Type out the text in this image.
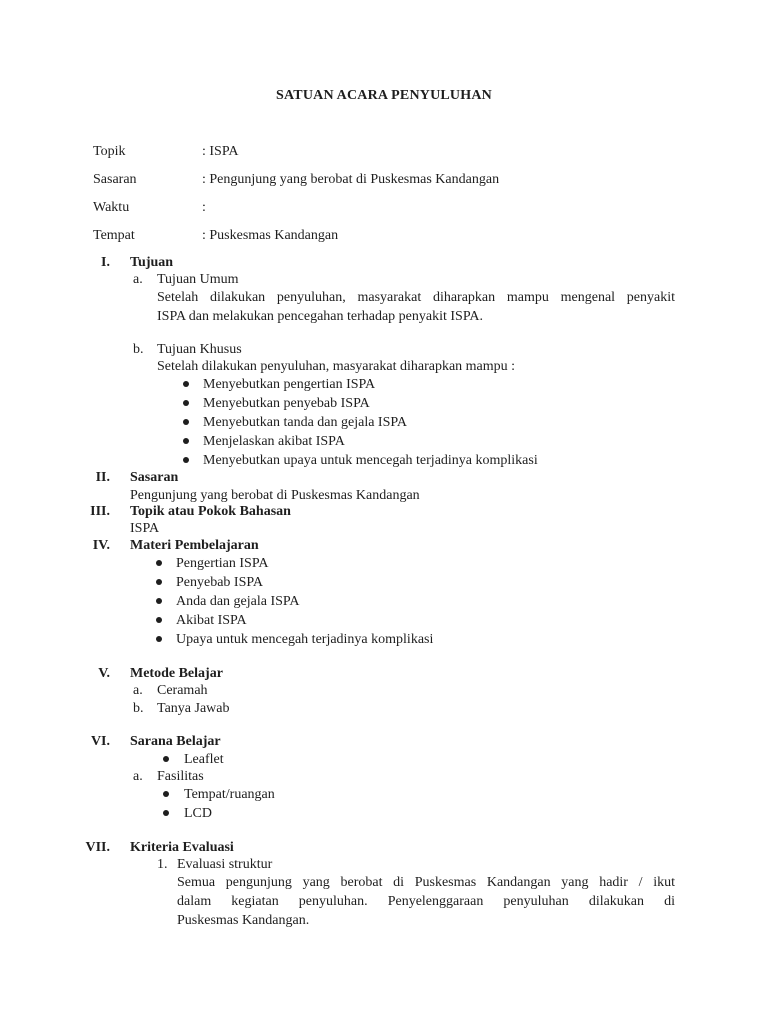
SATUAN ACARA PENYULUHAN
Topik	: ISPA
Sasaran	: Pengunjung yang berobat di Puskesmas Kandangan
Waktu	:
Tempat	: Puskesmas Kandangan
I. Tujuan
a. Tujuan Umum
Setelah dilakukan penyuluhan, masyarakat diharapkan mampu mengenal penyakit
ISPA dan melakukan pencegahan terhadap penyakit ISPA.
b. Tujuan Khusus
Setelah dilakukan penyuluhan, masyarakat diharapkan mampu :
Menyebutkan pengertian ISPA
Menyebutkan penyebab ISPA
Menyebutkan tanda dan gejala ISPA
Menjelaskan akibat ISPA
Menyebutkan upaya untuk mencegah terjadinya komplikasi
II. Sasaran
Pengunjung yang berobat di Puskesmas Kandangan
III. Topik atau Pokok Bahasan
ISPA
IV. Materi Pembelajaran
Pengertian ISPA
Penyebab ISPA
Anda dan gejala ISPA
Akibat ISPA
Upaya untuk mencegah terjadinya komplikasi
V. Metode Belajar
a. Ceramah
b. Tanya Jawab
VI. Sarana Belajar
Leaflet
a. Fasilitas
Tempat/ruangan
LCD
VII. Kriteria Evaluasi
1. Evaluasi struktur
Semua pengunjung yang berobat di Puskesmas Kandangan yang hadir / ikut
dalam kegiatan penyuluhan. Penyelenggaraan penyuluhan dilakukan di
Puskesmas Kandangan.
